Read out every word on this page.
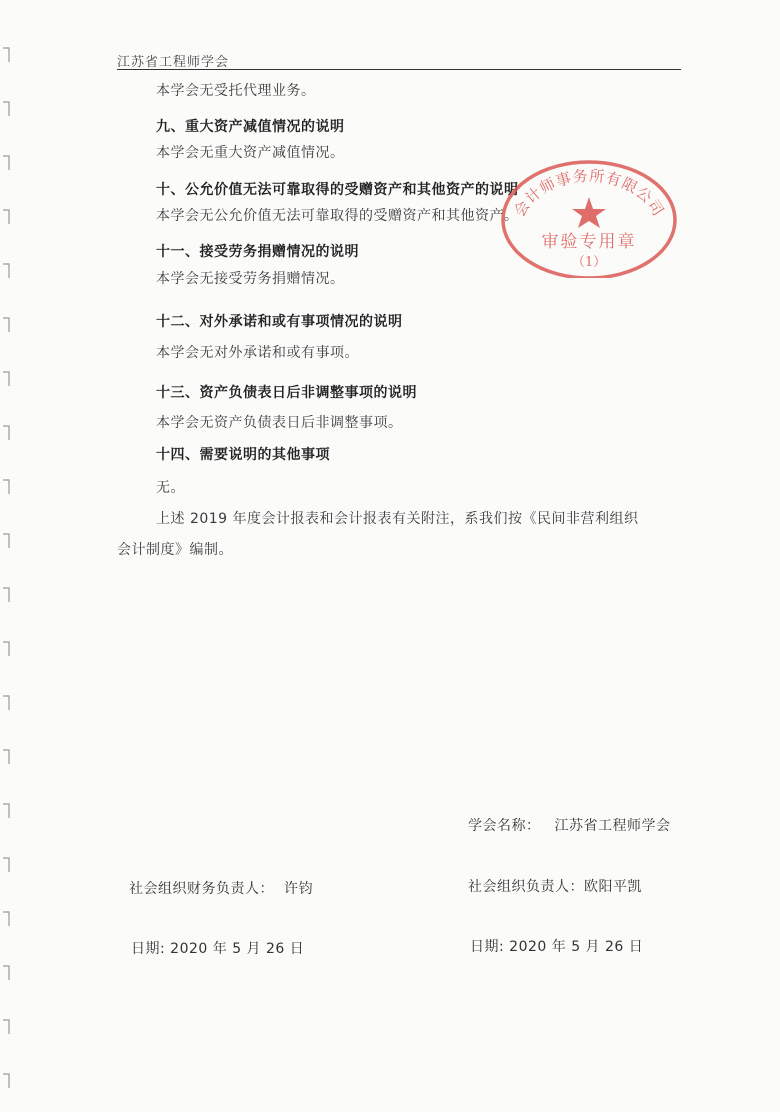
江苏省工程师学会
本学会无受托代理业务。
九、重大资产减值情况的说明
本学会无重大资产减值情况。
十、公允价值无法可靠取得的受赠资产和其他资产的说明
本学会无公允价值无法可靠取得的受赠资产和其他资产。
十一、接受劳务捐赠情况的说明
本学会无接受劳务捐赠情况。
十二、对外承诺和或有事项情况的说明
本学会无对外承诺和或有事项。
十三、资产负债表日后非调整事项的说明
本学会无资产负债表日后非调整事项。
十四、需要说明的其他事项
无。
上述 2019 年度会计报表和会计报表有关附注，系我们按《民间非营利组织
会计制度》编制。
学会名称： 江苏省工程师学会
社会组织财务负责人： 许钧	社会组织负责人：欧阳平凯
日期: 2020 年 5 月 26 日	日期: 2020 年 5 月 26 日
会计师事务所有限公司
审验专用章
（1）
